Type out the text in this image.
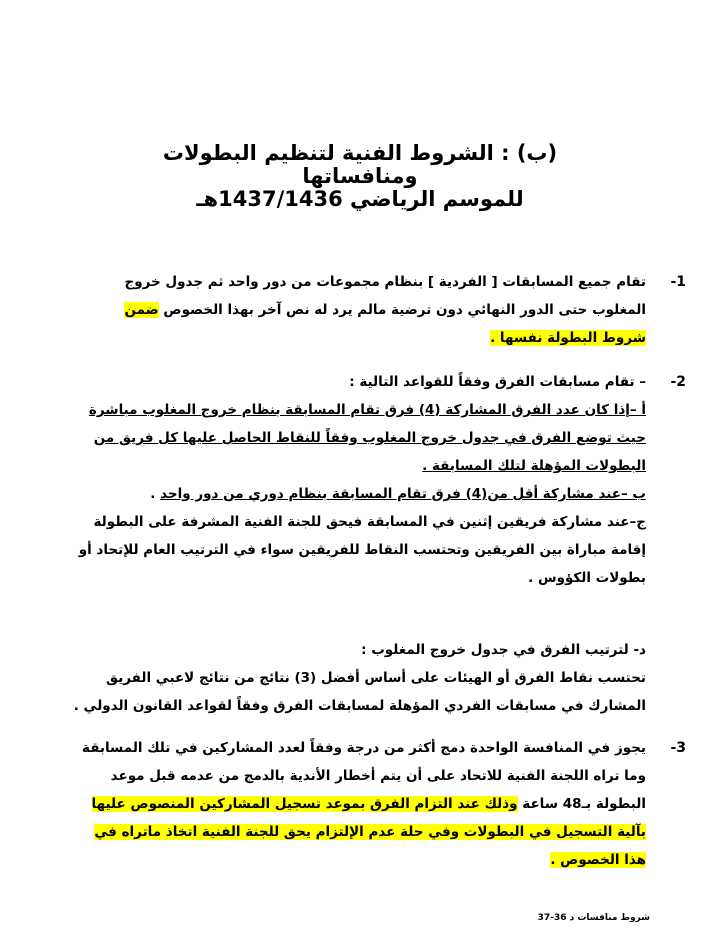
(ب) : الشروط الفنية لتنظيم البطولات
ومنافساتها
للموسم الرياضي 1437/1436هـ
1-
تقام جميع المسابقات [ الفردية ] بنظام مجموعات من دور واحد ثم جدول خروج
المغلوب حتى الدور النهائي دون ترضية مالم يرد له نص آخر بهذا الخصوص ضمن
شروط البطولة نفسها .
2-
– تقام مسابقات الفرق وفقاً للقواعد التالية :
أ –إذا كان عدد الفرق المشاركة (4) فرق تقام المسابقة بنظام خروج المغلوب مباشرة
حيث توضع الفرق في جدول خروج المغلوب وفقاً للنقاط الحاصل عليها كل فريق من
البطولات المؤهلة لتلك المسابقة .
ب –عند مشاركة أقل من(4) فرق تقام المسابقة بنظام دوري من دور واحد .
ج–عند مشاركة فريقين إثنين في المسابقة فيحق للجنة الفنية المشرفة على البطولة
إقامة مباراة بين الفريقين وتحتسب النقاط للفريقين سواء في الترتيب العام للإتحاد أو
بطولات الكؤوس .
د- لترتيب الفرق في جدول خروج المغلوب :
تحتسب نقاط الفرق أو الهيئات على أساس أفضل (3) نتائج من نتائج لاعبي الفريق
المشارك في مسابقات الفردي المؤهلة لمسابقات الفرق وفقاً لقواعد القانون الدولي .
3-
يجوز في المنافسة الواحدة دمج أكثر من درجة وفقاً لعدد المشاركين في تلك المسابقة
وما تراه اللجنة الفنية للاتحاد على أن يتم أخطار الأندية بالدمج من عدمه قبل موعد
البطولة بـ48 ساعة وذلك عند التزام الفرق بموعد تسجيل المشاركين المنصوص عليها
بآلية التسجيل في البطولات وفي حلة عدم الإلتزام يحق للجنة الفنية اتخاذ ماتراه في
هذا الخصوص .
شروط منافسات د 36-37
